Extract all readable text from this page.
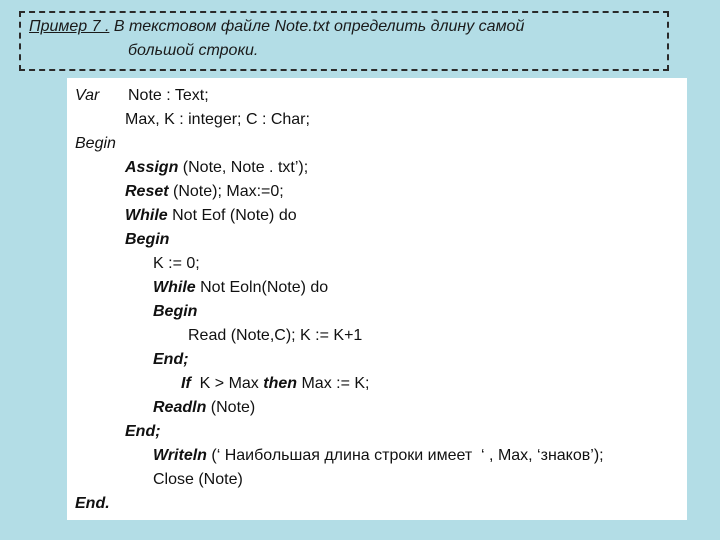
Пример 7 . В текстовом файле Note.txt определить длину самой
большой строки.
Var Note : Text;
Max, K : integer; C : Char;
Begin
Assign (Note, Note . txt’);
Reset (Note); Max:=0;
While Not Eof (Note) do
Begin
K := 0;
While Not Eoln(Note) do
Begin
Read (Note,C); K := K+1
End;
If  K > Max then Max := K;
Readln (Note)
End;
Writeln (‘ Наибольшая длина строки имеет  ‘ , Max, ‘знаков’);
Close (Note)
End.
